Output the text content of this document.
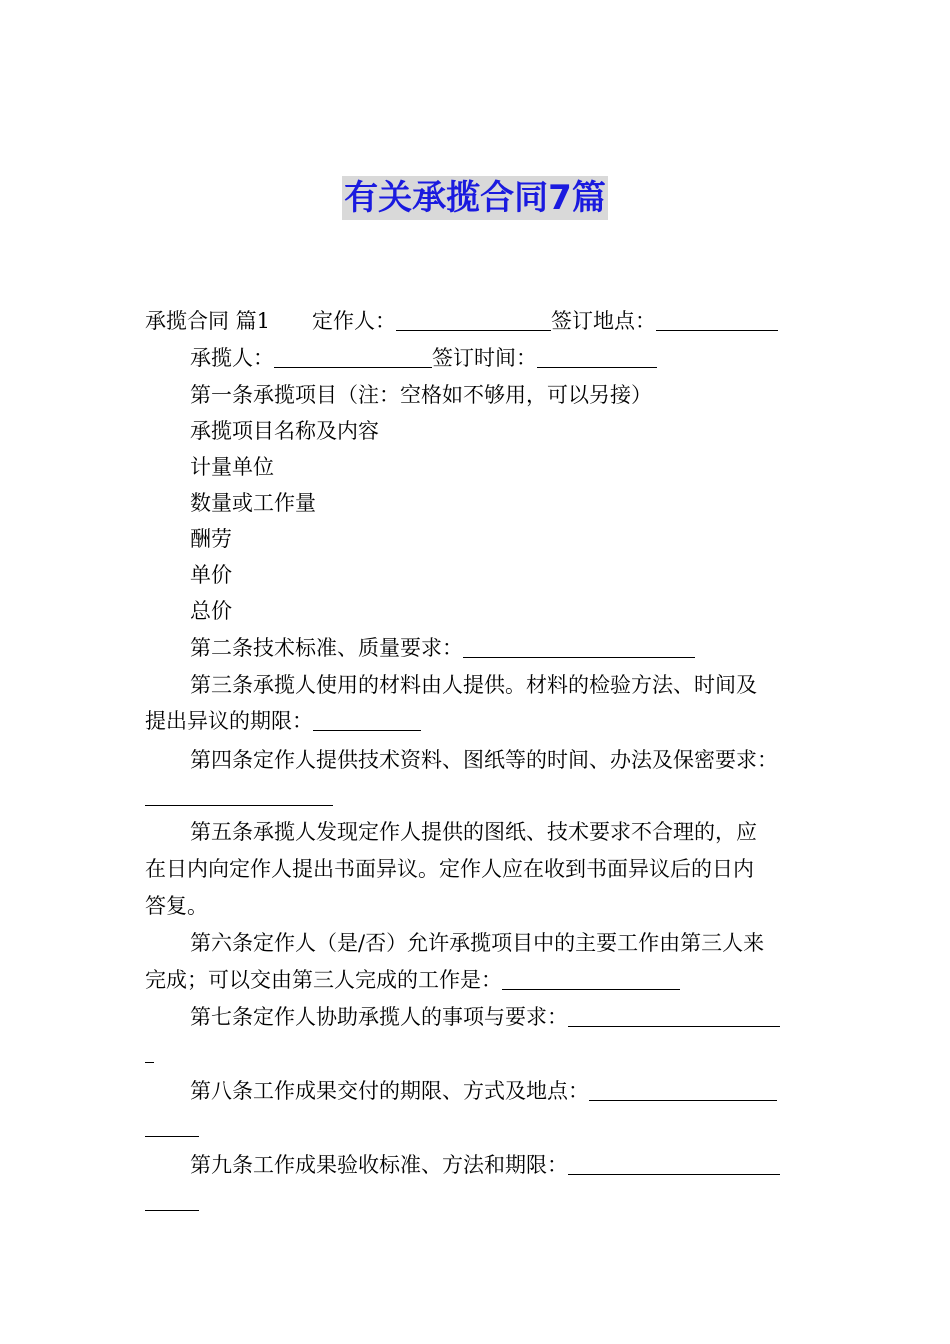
有关承揽合同7篇
承揽合同 篇1 定作人：	签订地点：
承揽人：	签订时间：
第一条承揽项目（注：空格如不够用，可以另接）
承揽项目名称及内容
计量单位
数量或工作量
酬劳
单价
总价
第二条技术标准、质量要求：
第三条承揽人使用的材料由人提供。材料的检验方法、时间及
提出异议的期限：
第四条定作人提供技术资料、图纸等的时间、办法及保密要求：
第五条承揽人发现定作人提供的图纸、技术要求不合理的，应
在日内向定作人提出书面异议。定作人应在收到书面异议后的日内
答复。
第六条定作人（是/否）允许承揽项目中的主要工作由第三人来
完成；可以交由第三人完成的工作是：
第七条定作人协助承揽人的事项与要求：
第八条工作成果交付的期限、方式及地点：
第九条工作成果验收标准、方法和期限：
